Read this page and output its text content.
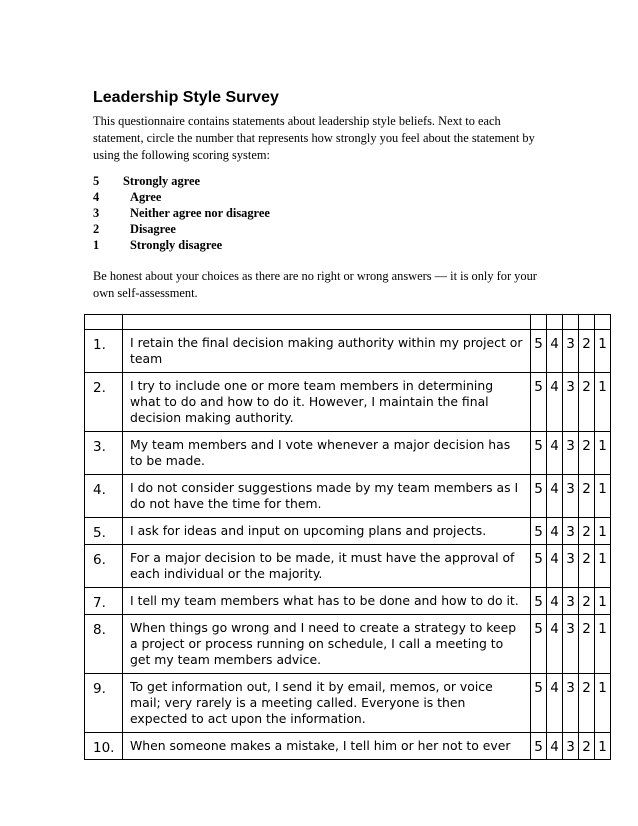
Leadership Style Survey
This questionnaire contains statements about leadership style beliefs. Next to each statement, circle the number that represents how strongly you feel about the statement by using the following scoring system:
5 Strongly agree
4 Agree
3 Neither agree nor disagree
2 Disagree
1 Strongly disagree
Be honest about your choices as there are no right or wrong answers — it is only for your own self-assessment.

1.	I retain the final decision making authority within my project or team	5	4	3	2	1
2.	I try to include one or more team members in determining what to do and how to do it. However, I maintain the final decision making authority.	5	4	3	2	1
3.	My team members and I vote whenever a major decision has to be made.	5	4	3	2	1
4.	I do not consider suggestions made by my team members as I do not have the time for them.	5	4	3	2	1
5.	I ask for ideas and input on upcoming plans and projects.	5	4	3	2	1
6.	For a major decision to be made, it must have the approval of each individual or the majority.	5	4	3	2	1
7.	I tell my team members what has to be done and how to do it.	5	4	3	2	1
8.	When things go wrong and I need to create a strategy to keep a project or process running on schedule, I call a meeting to get my team members advice.	5	4	3	2	1
9.	To get information out, I send it by email, memos, or voice mail; very rarely is a meeting called. Everyone is then expected to act upon the information.	5	4	3	2	1
10.	When someone makes a mistake, I tell him or her not to ever	5	4	3	2	1
